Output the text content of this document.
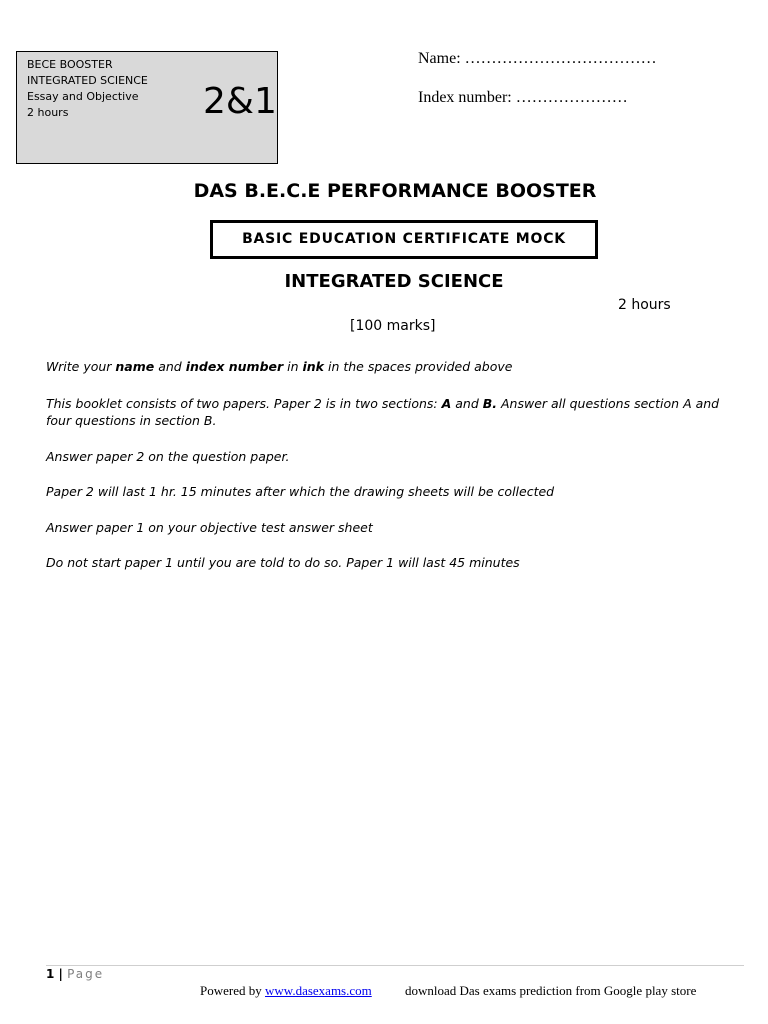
BECE BOOSTER
INTEGRATED SCIENCE
Essay and Objective
2 hours	2&1
Name: ………………………………
Index number: …………………
DAS B.E.C.E PERFORMANCE BOOSTER
BASIC EDUCATION CERTIFICATE MOCK
INTEGRATED SCIENCE
2 hours
[100 marks]
Write your name and index number in ink in the spaces provided above
This booklet consists of two papers. Paper 2 is in two sections: A and B. Answer all questions section A and four questions in section B.
Answer paper 2 on the question paper.
Paper 2 will last 1 hr. 15 minutes after which the drawing sheets will be collected
Answer paper 1 on your objective test answer sheet
Do not start paper 1 until you are told to do so. Paper 1 will last 45 minutes
1 | Page
Powered by www.dasexams.com	download Das exams prediction from Google play store
